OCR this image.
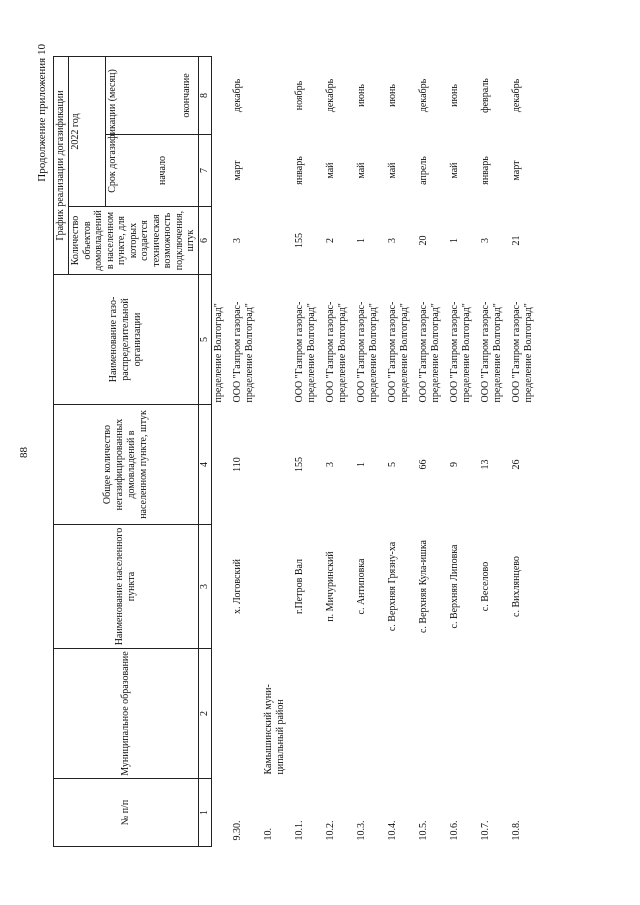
88
Продолжение приложения 10
№ п/п	Муниципальное образование	Наименование населенного пункта	Общее количество негазифицированных домовладений в населенном пункте, штук	Наименование газо-распределительной организации	График реализации догазификации		
					Количество объектов домовладений в населенном пункте, для которых создается техническая возможность подключения, штук	2022 год	

						Срок догазификации (месяц) начало	окончание

1	2	3	4	5	6	7	8
				пределение Волгоград"			
9.30.		х. Логовский	110	ООО "Газпром газорас-пределение Волгоград"	3	март	декабрь
10.	Камышинский муни-ципальный район						
10.1.		г.Петров Вал	155	ООО "Газпром газорас-пределение Волгоград"	155	январь	ноябрь
10.2.		п. Мичуринский	3	ООО "Газпром газорас-пределение Волгоград"	2	май	декабрь
10.3.		с. Антиповка	1	ООО "Газпром газорас-пределение Волгоград"	1	май	июнь
10.4.		с. Верхняя Грязну-ха	5	ООО "Газпром газорас-пределение Волгоград"	3	май	июнь
10.5.		с. Верхняя Кула-ишка	66	ООО "Газпром газорас-пределение Волгоград"	20	апрель	декабрь
10.6.		с. Верхняя Липовка	9	ООО "Газпром газорас-пределение Волгоград"	1	май	июнь
10.7.		с. Веселово	13	ООО "Газпром газорас-пределение Волгоград"	3	январь	февраль
10.8.		с. Вихлянцево	26	ООО "Газпром газорас-пределение Волгоград"	21	март	декабрь
